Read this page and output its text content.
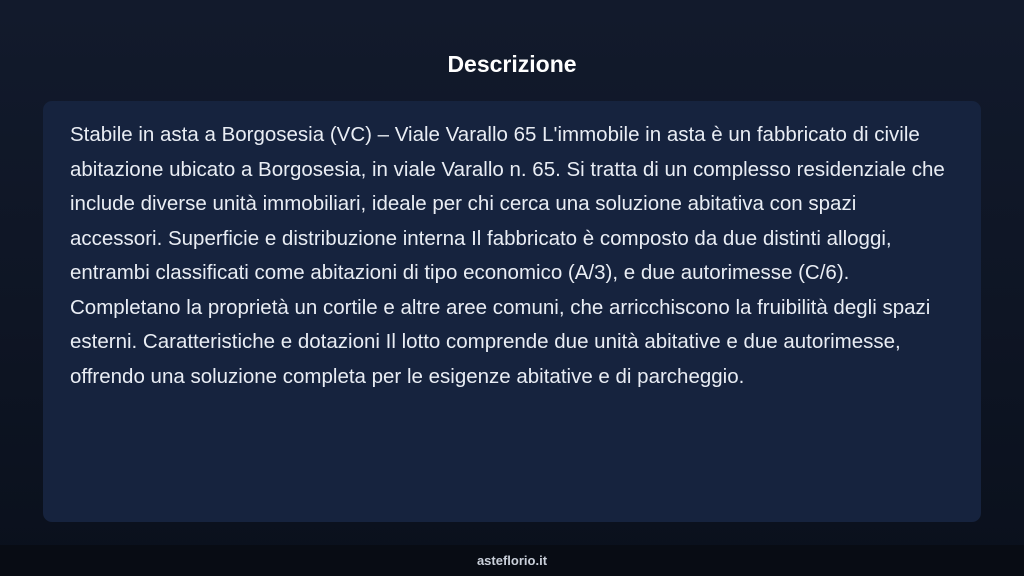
Descrizione

Stabile in asta a Borgosesia (VC) – Viale Varallo 65 L'immobile in asta è un fabbricato di civile abitazione ubicato a Borgosesia, in viale Varallo n. 65. Si tratta di un complesso residenziale che include diverse unità immobiliari, ideale per chi cerca una soluzione abitativa con spazi accessori. Superficie e distribuzione interna Il fabbricato è composto da due distinti alloggi, entrambi classificati come abitazioni di tipo economico (A/3), e due autorimesse (C/6). Completano la proprietà un cortile e altre aree comuni, che arricchiscono la fruibilità degli spazi esterni. Caratteristiche e dotazioni Il lotto comprende due unità abitative e due autorimesse, offrendo una soluzione completa per le esigenze abitative e di parcheggio.

asteflorio.it
